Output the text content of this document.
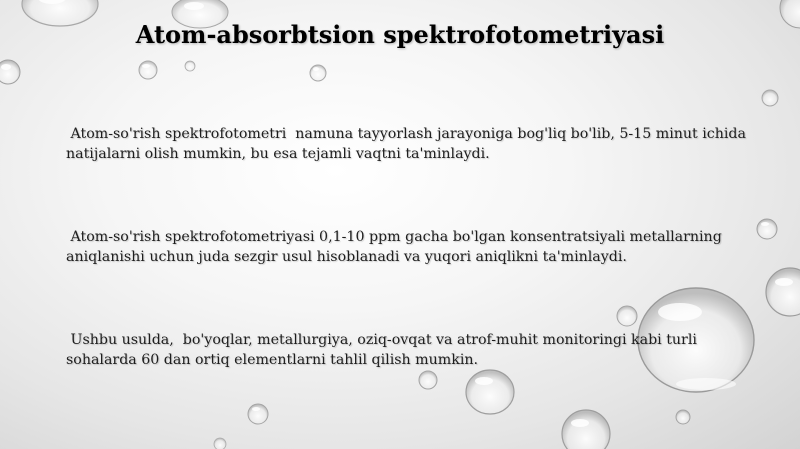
Atom-absorbtsion spektrofotometriyasi

Atom-so'rish spektrofotometri  namuna tayyorlash jarayoniga bog'liq bo'lib, 5-15 minut ichida natijalarni olish mumkin, bu esa tejamli vaqtni ta'minlaydi.

Atom-so'rish spektrofotometriyasi 0,1-10 ppm gacha bo'lgan konsentratsiyali metallarning aniqlanishi uchun juda sezgir usul hisoblanadi va yuqori aniqlikni ta'minlaydi.

Ushbu usulda,  bo'yoqlar, metallurgiya, oziq-ovqat va atrof-muhit monitoringi kabi turli sohalarda 60 dan ortiq elementlarni tahlil qilish mumkin.
